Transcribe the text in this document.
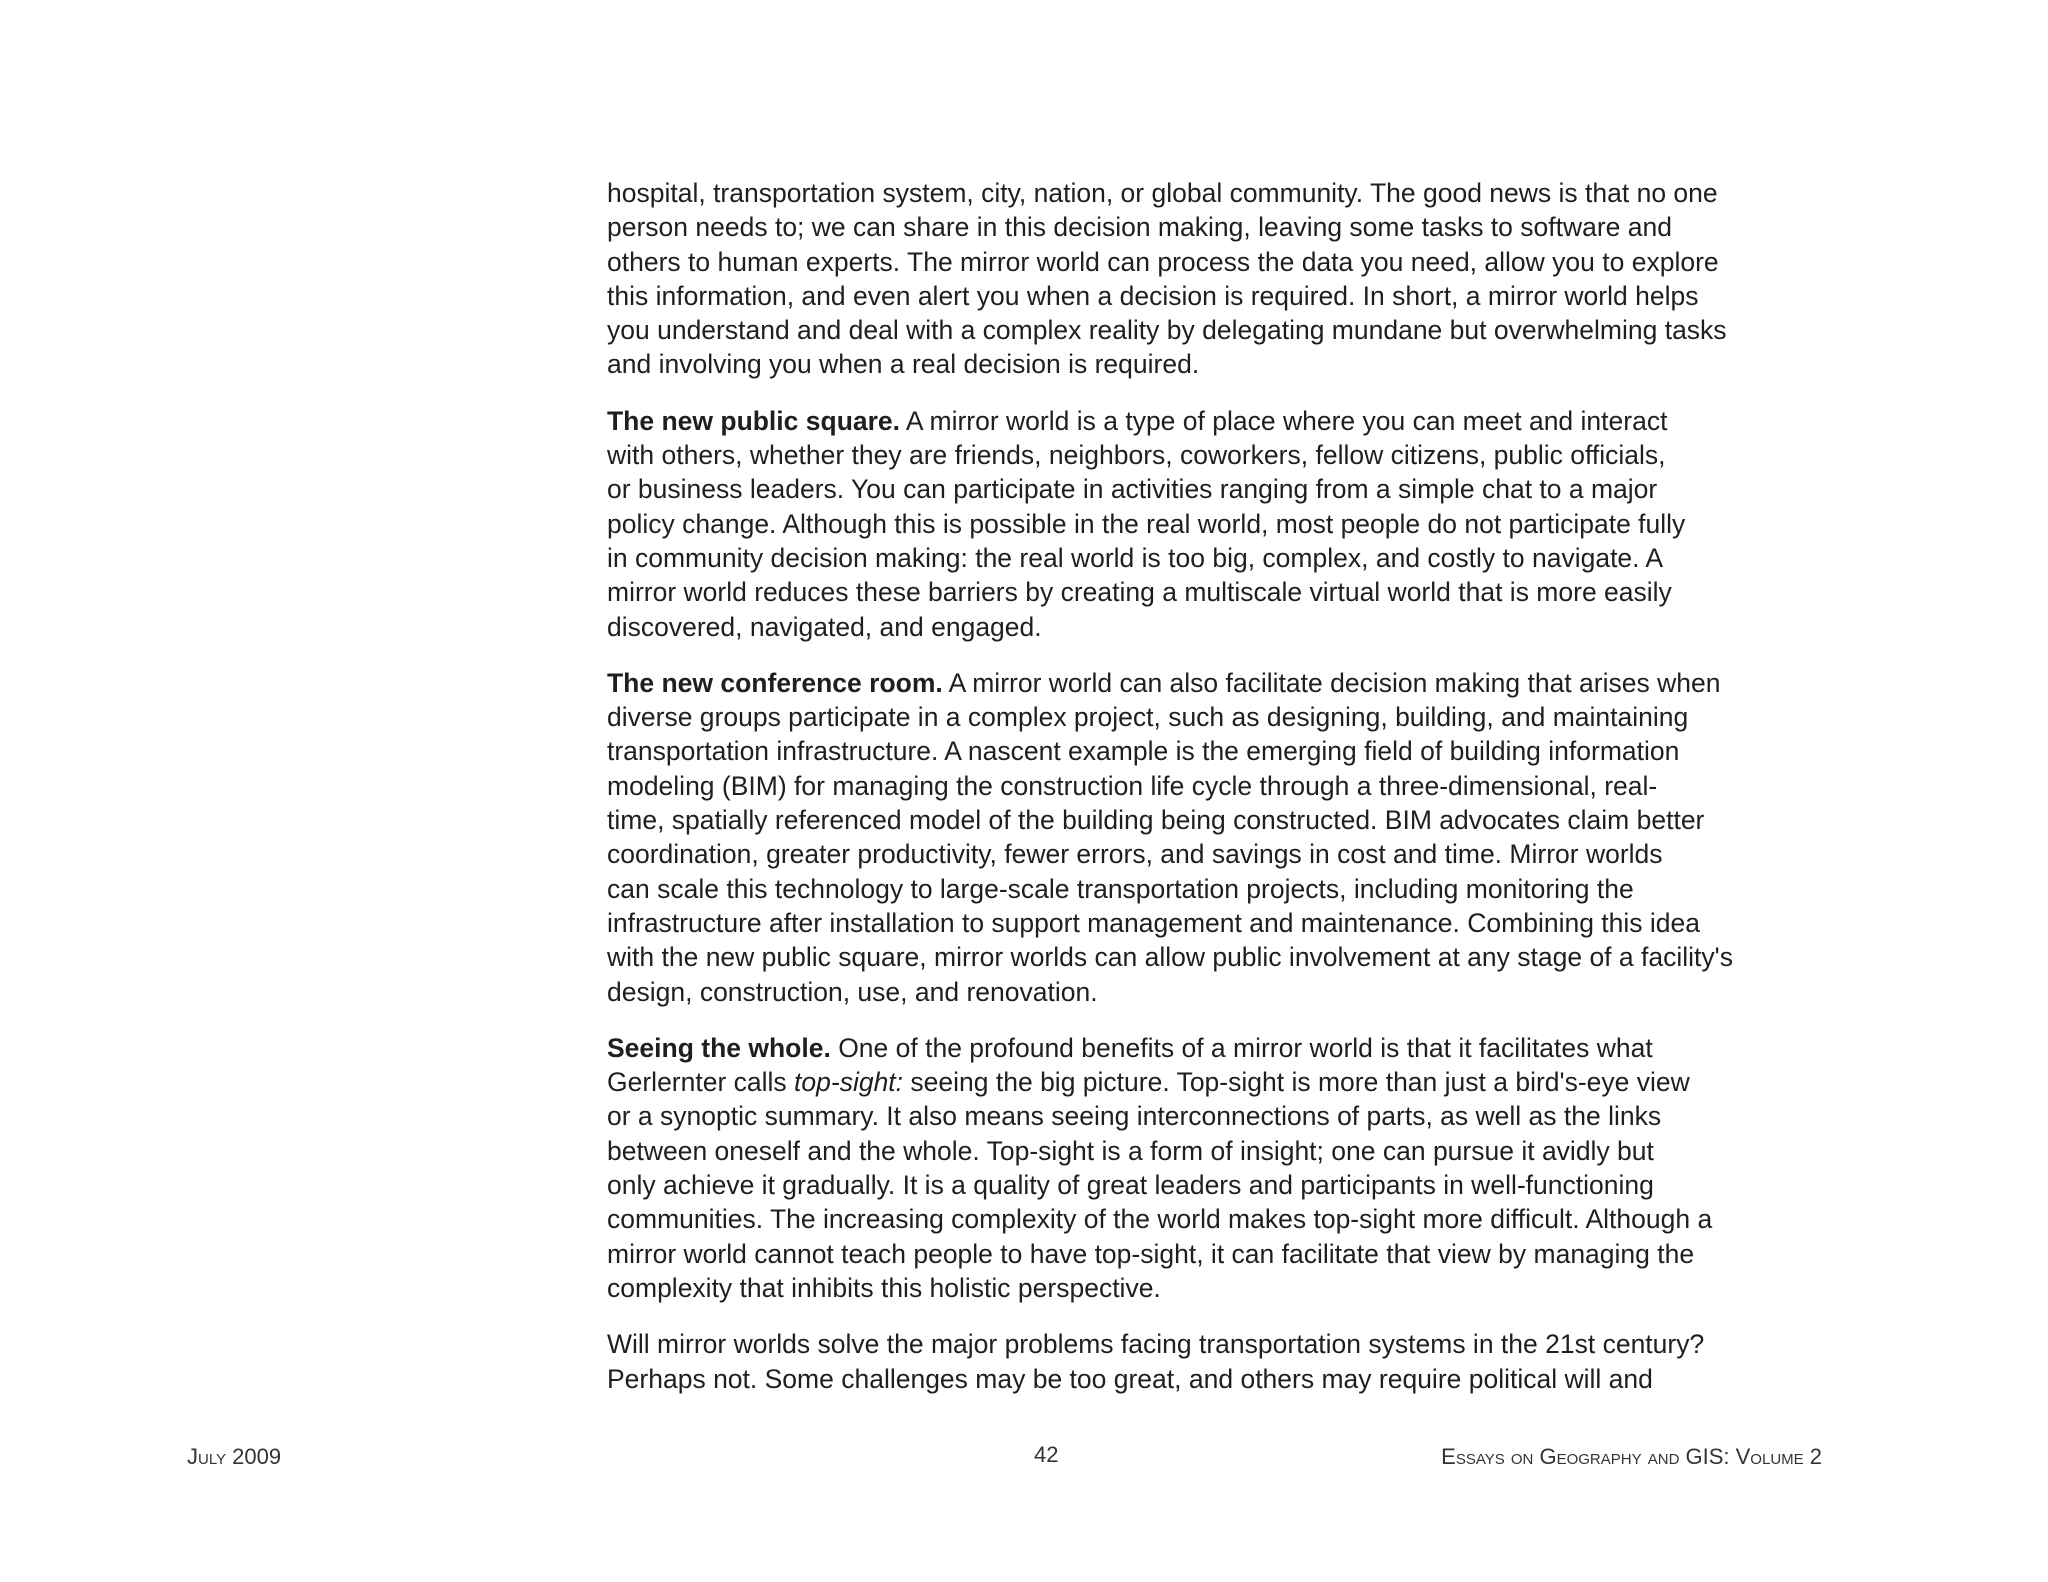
hospital, transportation system, city, nation, or global community. The good news is that no one
person needs to; we can share in this decision making, leaving some tasks to software and
others to human experts. The mirror world can process the data you need, allow you to explore
this information, and even alert you when a decision is required. In short, a mirror world helps
you understand and deal with a complex reality by delegating mundane but overwhelming tasks
and involving you when a real decision is required.

The new public square. A mirror world is a type of place where you can meet and interact
with others, whether they are friends, neighbors, coworkers, fellow citizens, public officials,
or business leaders. You can participate in activities ranging from a simple chat to a major
policy change. Although this is possible in the real world, most people do not participate fully
in community decision making: the real world is too big, complex, and costly to navigate. A
mirror world reduces these barriers by creating a multiscale virtual world that is more easily
discovered, navigated, and engaged.

The new conference room. A mirror world can also facilitate decision making that arises when
diverse groups participate in a complex project, such as designing, building, and maintaining
transportation infrastructure. A nascent example is the emerging field of building information
modeling (BIM) for managing the construction life cycle through a three-dimensional, real-
time, spatially referenced model of the building being constructed. BIM advocates claim better
coordination, greater productivity, fewer errors, and savings in cost and time. Mirror worlds
can scale this technology to large-scale transportation projects, including monitoring the
infrastructure after installation to support management and maintenance. Combining this idea
with the new public square, mirror worlds can allow public involvement at any stage of a facility's
design, construction, use, and renovation.

Seeing the whole. One of the profound benefits of a mirror world is that it facilitates what
Gerlernter calls top-sight: seeing the big picture. Top-sight is more than just a bird's-eye view
or a synoptic summary. It also means seeing interconnections of parts, as well as the links
between oneself and the whole. Top-sight is a form of insight; one can pursue it avidly but
only achieve it gradually. It is a quality of great leaders and participants in well-functioning
communities. The increasing complexity of the world makes top-sight more difficult. Although a
mirror world cannot teach people to have top-sight, it can facilitate that view by managing the
complexity that inhibits this holistic perspective.

Will mirror worlds solve the major problems facing transportation systems in the 21st century?
Perhaps not. Some challenges may be too great, and others may require political will and

July 2009	42	Essays on Geography and GIS: Volume 2
